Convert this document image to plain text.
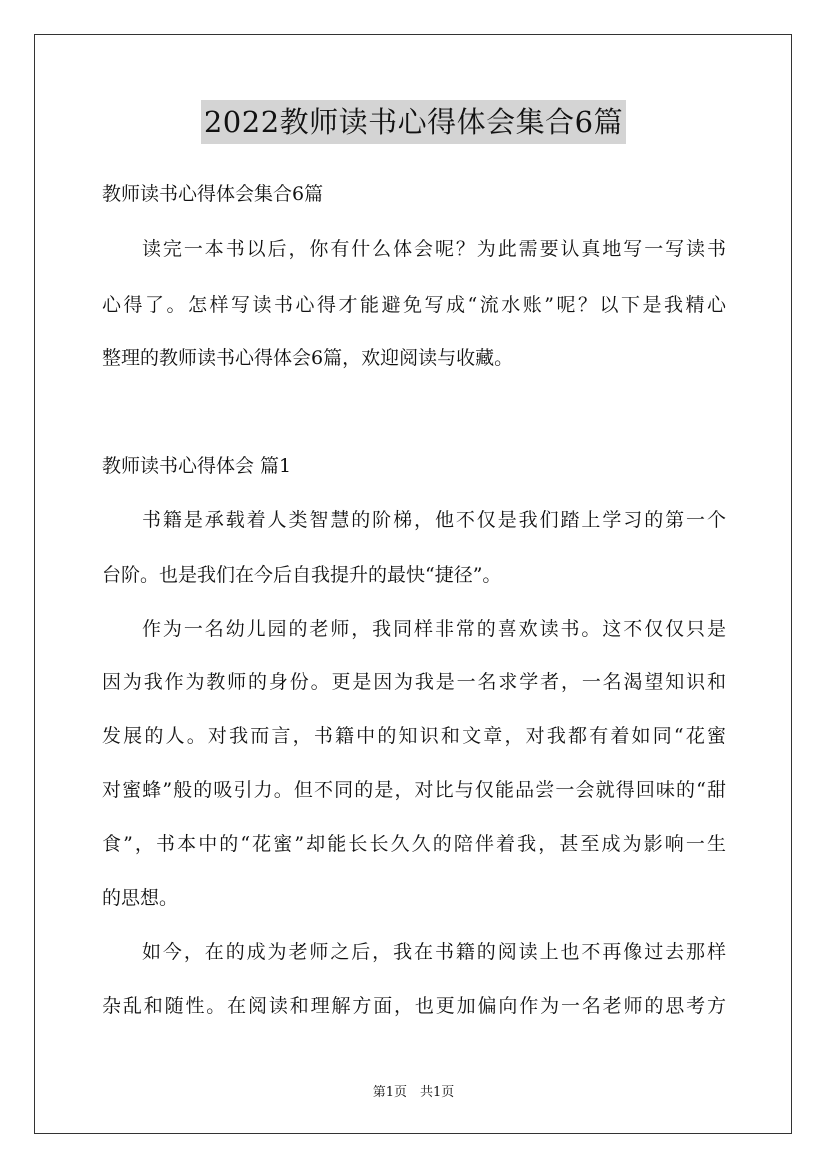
2022教师读书心得体会集合6篇
教师读书心得体会集合6篇
读完一本书以后，你有什么体会呢？为此需要认真地写一写读书
心得了。怎样写读书心得才能避免写成“流水账”呢？以下是我精心
整理的教师读书心得体会6篇，欢迎阅读与收藏。
教师读书心得体会 篇1
书籍是承载着人类智慧的阶梯，他不仅是我们踏上学习的第一个
台阶。也是我们在今后自我提升的最快“捷径”。
作为一名幼儿园的老师，我同样非常的喜欢读书。这不仅仅只是
因为我作为教师的身份。更是因为我是一名求学者，一名渴望知识和
发展的人。对我而言，书籍中的知识和文章，对我都有着如同“花蜜
对蜜蜂”般的吸引力。但不同的是，对比与仅能品尝一会就得回味的“甜
食”，书本中的“花蜜”却能长长久久的陪伴着我，甚至成为影响一生
的思想。
如今，在的成为老师之后，我在书籍的阅读上也不再像过去那样
杂乱和随性。在阅读和理解方面，也更加偏向作为一名老师的思考方
第1页　共1页
